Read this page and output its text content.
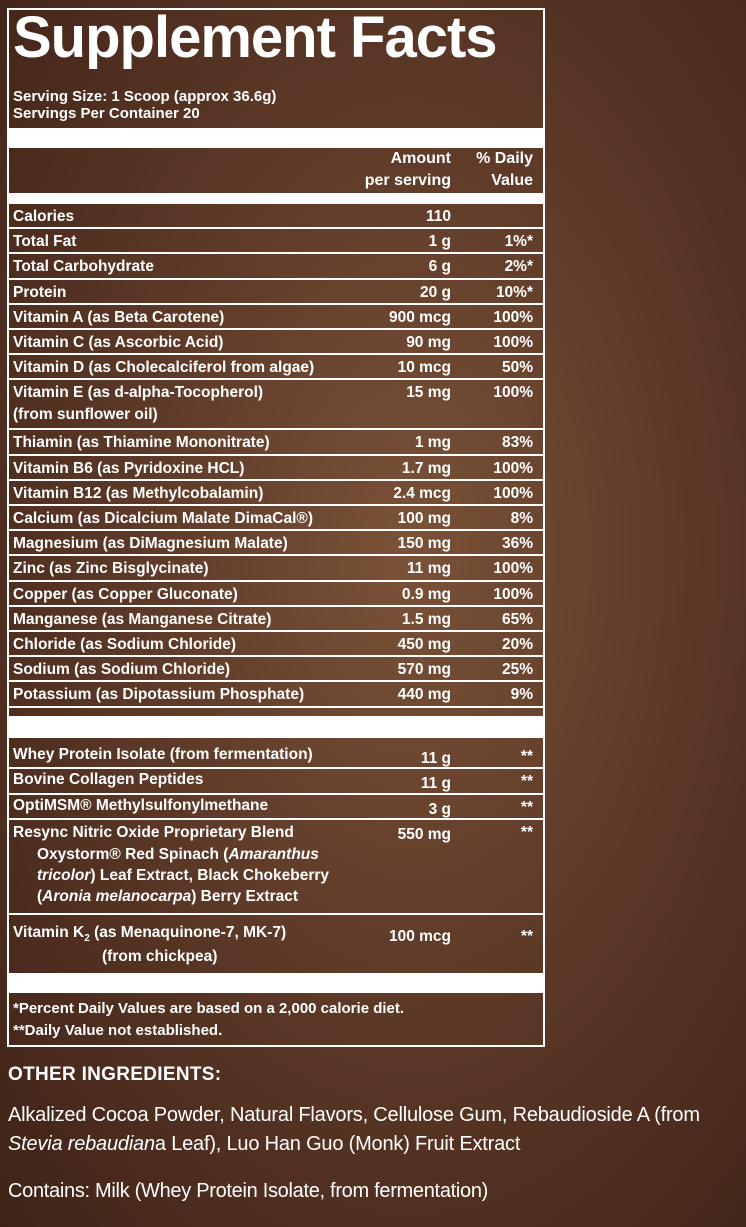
Supplement Facts
Serving Size: 1 Scoop (approx 36.6g)
Servings Per Container 20
Amount
per serving
% Daily
Value
Calories	110
Total Fat	1 g	1%*
Total Carbohydrate	6 g	2%*
Protein	20 g	10%*
Vitamin A (as Beta Carotene)	900 mcg	100%
Vitamin C (as Ascorbic Acid)	90 mg	100%
Vitamin D (as Cholecalciferol from algae)	10 mcg	50%
Vitamin E (as d-alpha-Tocopherol)	15 mg	100%
(from sunflower oil)
Thiamin (as Thiamine Mononitrate)	1 mg	83%
Vitamin B6 (as Pyridoxine HCL)	1.7 mg	100%
Vitamin B12 (as Methylcobalamin)	2.4 mcg	100%
Calcium (as Dicalcium Malate DimaCal®)	100 mg	8%
Magnesium (as DiMagnesium Malate)	150 mg	36%
Zinc (as Zinc Bisglycinate)	11 mg	100%
Copper (as Copper Gluconate)	0.9 mg	100%
Manganese (as Manganese Citrate)	1.5 mg	65%
Chloride (as Sodium Chloride)	450 mg	20%
Sodium (as Sodium Chloride)	570 mg	25%
Potassium (as Dipotassium Phosphate)	440 mg	9%
Whey Protein Isolate (from fermentation)	11 g	**
Bovine Collagen Peptides	11 g	**
OptiMSM® Methylsulfonylmethane	3 g	**
Resync Nitric Oxide Proprietary Blend	550 mg	**
Oxystorm® Red Spinach (Amaranthus tricolor) Leaf Extract, Black Chokeberry (Aronia melanocarpa) Berry Extract
Vitamin $K_2$ (as Menaquinone-7, MK-7)	100 mcg	**
(from chickpea)
*Percent Daily Values are based on a 2,000 calorie diet.
**Daily Value not established.
OTHER INGREDIENTS:
Alkalized Cocoa Powder, Natural Flavors, Cellulose Gum, Rebaudioside A (from Stevia rebaudiana Leaf), Luo Han Guo (Monk) Fruit Extract
Contains: Milk (Whey Protein Isolate, from fermentation)
